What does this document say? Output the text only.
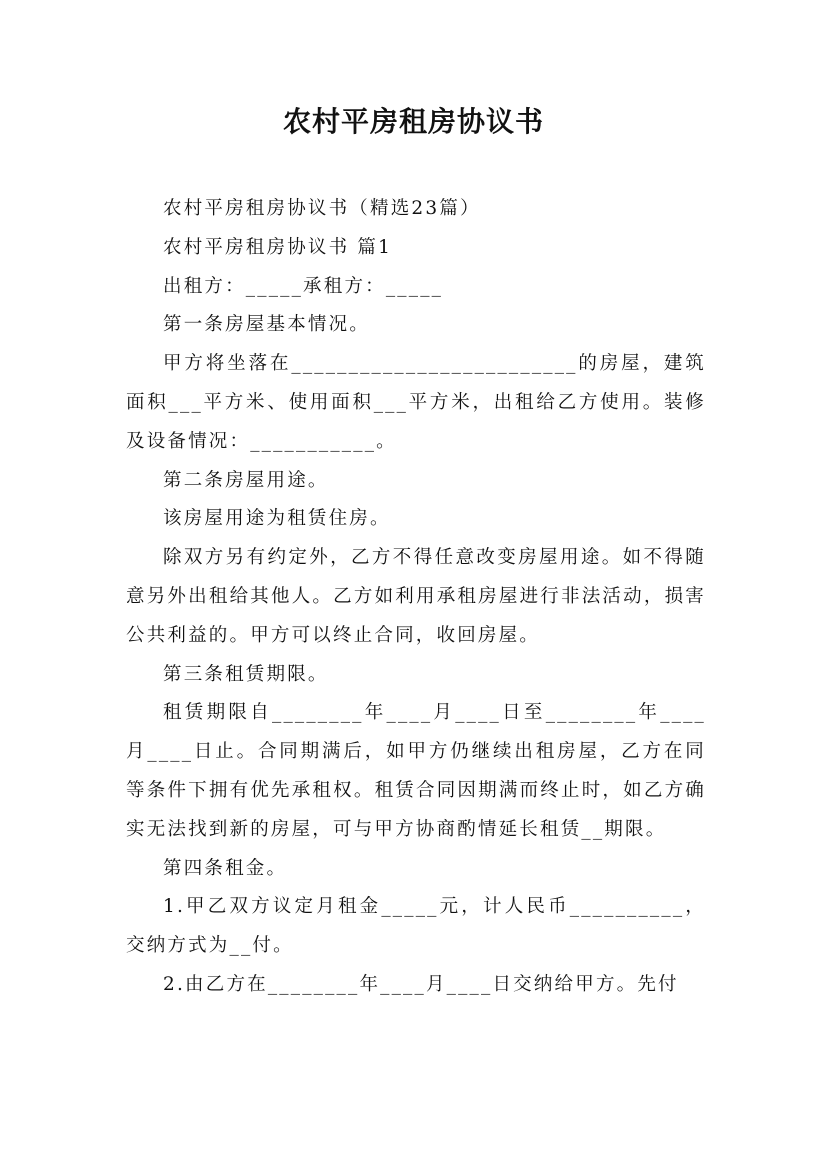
农村平房租房协议书

农村平房租房协议书（精选23篇）

农村平房租房协议书 篇1

出租方：_____承租方：_____

第一条房屋基本情况。

甲方将坐落在_________________________的房屋，建筑面积___平方米、使用面积___平方米，出租给乙方使用。装修及设备情况：___________。

第二条房屋用途。

该房屋用途为租赁住房。

除双方另有约定外，乙方不得任意改变房屋用途。如不得随意另外出租给其他人。乙方如利用承租房屋进行非法活动，损害公共利益的。甲方可以终止合同，收回房屋。

第三条租赁期限。

租赁期限自________年____月____日至________年____月____日止。合同期满后，如甲方仍继续出租房屋，乙方在同等条件下拥有优先承租权。租赁合同因期满而终止时，如乙方确实无法找到新的房屋，可与甲方协商酌情延长租赁__期限。

第四条租金。

1.甲乙双方议定月租金_____元，计人民币__________，交纳方式为__付。

2.由乙方在________年____月____日交纳给甲方。先付
